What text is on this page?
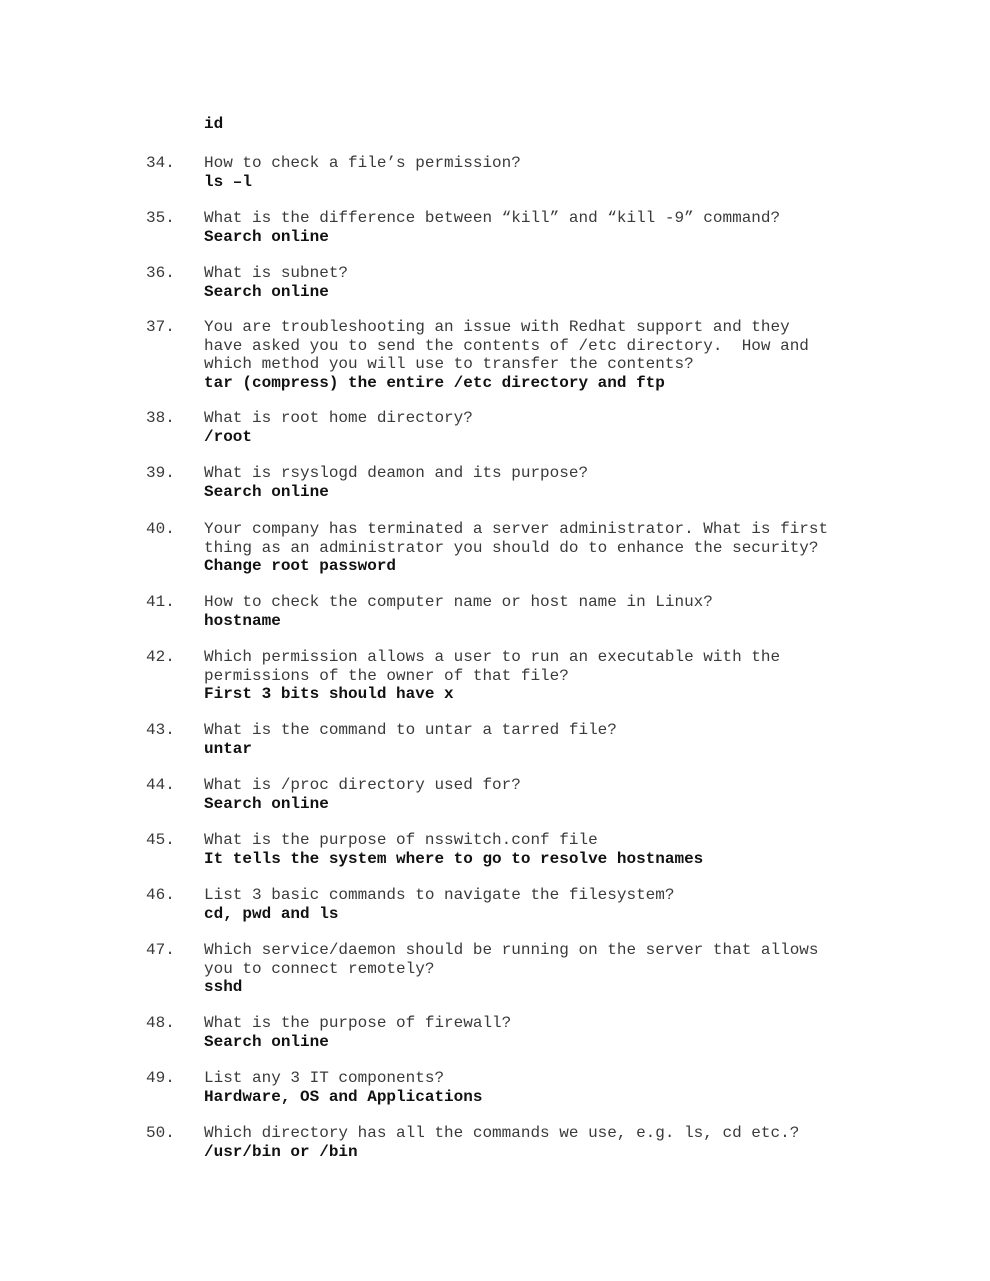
id
34. How to check a file’s permission?
ls –l
35. What is the difference between “kill” and “kill -9” command?
Search online
36. What is subnet?
Search online
37. You are troubleshooting an issue with Redhat support and they
have asked you to send the contents of /etc directory.  How and
which method you will use to transfer the contents?
tar (compress) the entire /etc directory and ftp
38. What is root home directory?
/root
39. What is rsyslogd deamon and its purpose?
Search online
40. Your company has terminated a server administrator. What is first
thing as an administrator you should do to enhance the security?
Change root password
41. How to check the computer name or host name in Linux?
hostname
42. Which permission allows a user to run an executable with the
permissions of the owner of that file?
First 3 bits should have x
43. What is the command to untar a tarred file?
untar
44. What is /proc directory used for?
Search online
45. What is the purpose of nsswitch.conf file
It tells the system where to go to resolve hostnames
46. List 3 basic commands to navigate the filesystem?
cd, pwd and ls
47. Which service/daemon should be running on the server that allows
you to connect remotely?
sshd
48. What is the purpose of firewall?
Search online
49. List any 3 IT components?
Hardware, OS and Applications
50. Which directory has all the commands we use, e.g. ls, cd etc.?
/usr/bin or /bin
